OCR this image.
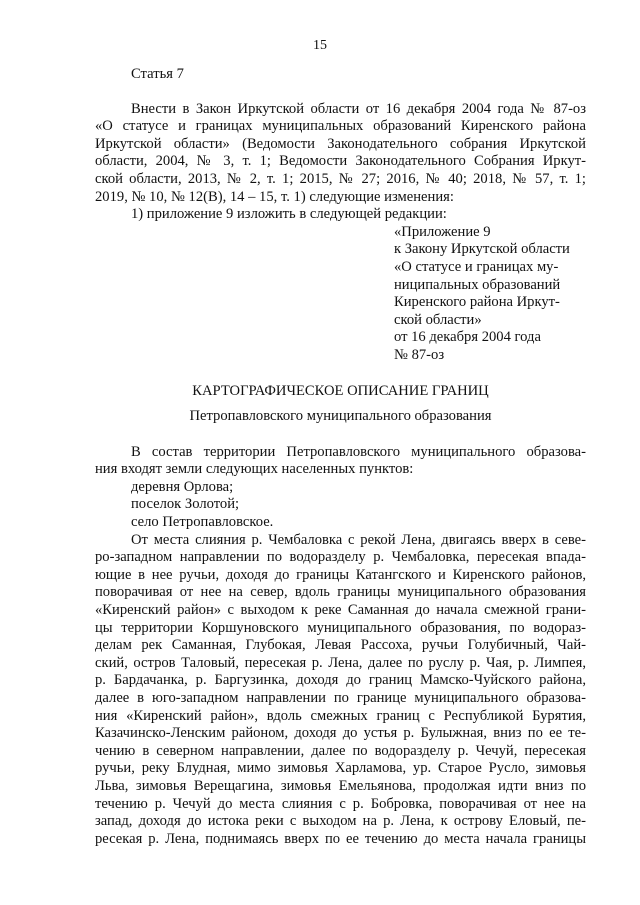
15
Статья 7
Внести в Закон Иркутской области от 16 декабря 2004 года № 87-оз
«О статусе и границах муниципальных образований Киренского района
Иркутской области» (Ведомости Законодательного собрания Иркутской
области, 2004, № 3, т. 1; Ведомости Законодательного Собрания Иркут-
ской области, 2013, № 2, т. 1; 2015, № 27; 2016, № 40; 2018, № 57, т. 1;
2019, № 10, № 12(В), 14 – 15, т. 1) следующие изменения:
1) приложение 9 изложить в следующей редакции:
«Приложение 9
к Закону Иркутской области
«О статусе и границах му-
ниципальных образований
Киренского района Иркут-
ской области»
от 16 декабря 2004 года
№ 87-оз
КАРТОГРАФИЧЕСКОЕ ОПИСАНИЕ ГРАНИЦ
Петропавловского муниципального образования
В состав территории Петропавловского муниципального образова-
ния входят земли следующих населенных пунктов:
деревня Орлова;
поселок Золотой;
село Петропавловское.
От места слияния р. Чембаловка с рекой Лена, двигаясь вверх в севе-
ро-западном направлении по водоразделу р. Чембаловка, пересекая впада-
ющие в нее ручьи, доходя до границы Катангского и Киренского районов,
поворачивая от нее на север, вдоль границы муниципального образования
«Киренский район» с выходом к реке Саманная до начала смежной грани-
цы территории Коршуновского муниципального образования, по водораз-
делам рек Саманная, Глубокая, Левая Рассоха, ручьи Голубичный, Чай-
ский, остров Таловый, пересекая р. Лена, далее по руслу р. Чая, р. Лимпея,
р. Бардачанка, р. Баргузинка, доходя до границ Мамско-Чуйского района,
далее в юго-западном направлении по границе муниципального образова-
ния «Киренский район», вдоль смежных границ с Республикой Бурятия,
Казачинско-Ленским районом, доходя до устья р. Булыжная, вниз по ее те-
чению в северном направлении, далее по водоразделу р. Чечуй, пересекая
ручьи, реку Блудная, мимо зимовья Харламова, ур. Старое Русло, зимовья
Льва, зимовья Верещагина, зимовья Емельянова, продолжая идти вниз по
течению р. Чечуй до места слияния с р. Бобровка, поворачивая от нее на
запад, доходя до истока реки с выходом на р. Лена, к острову Еловый, пе-
ресекая р. Лена, поднимаясь вверх по ее течению до места начала границы
